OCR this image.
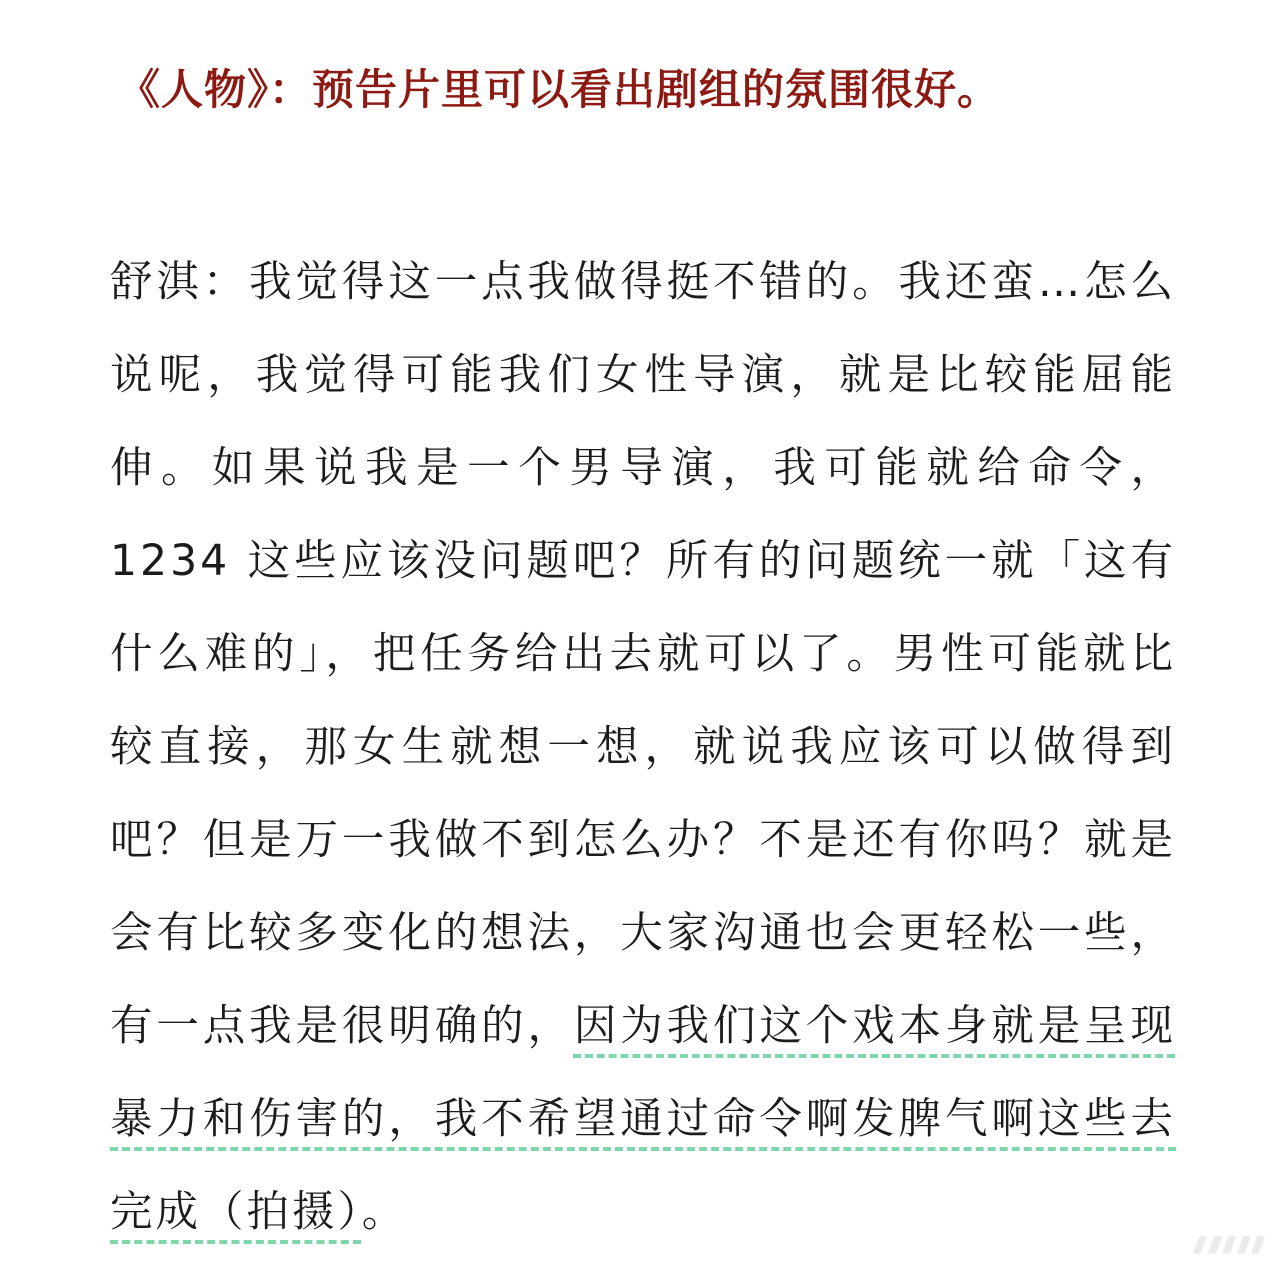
《人物》：预告片里可以看出剧组的氛围很好。

舒淇：我觉得这一点我做得挺不错的。我还蛮…怎么说呢，我觉得可能我们女性导演，就是比较能屈能伸。如果说我是一个男导演，我可能就给命令，1234 这些应该没问题吧？所有的问题统一就「这有什么难的」，把任务给出去就可以了。男性可能就比较直接，那女生就想一想，就说我应该可以做得到吧？但是万一我做不到怎么办？不是还有你吗？就是会有比较多变化的想法，大家沟通也会更轻松一些，有一点我是很明确的，因为我们这个戏本身就是呈现暴力和伤害的，我不希望通过命令啊发脾气啊这些去完成（拍摄）。
